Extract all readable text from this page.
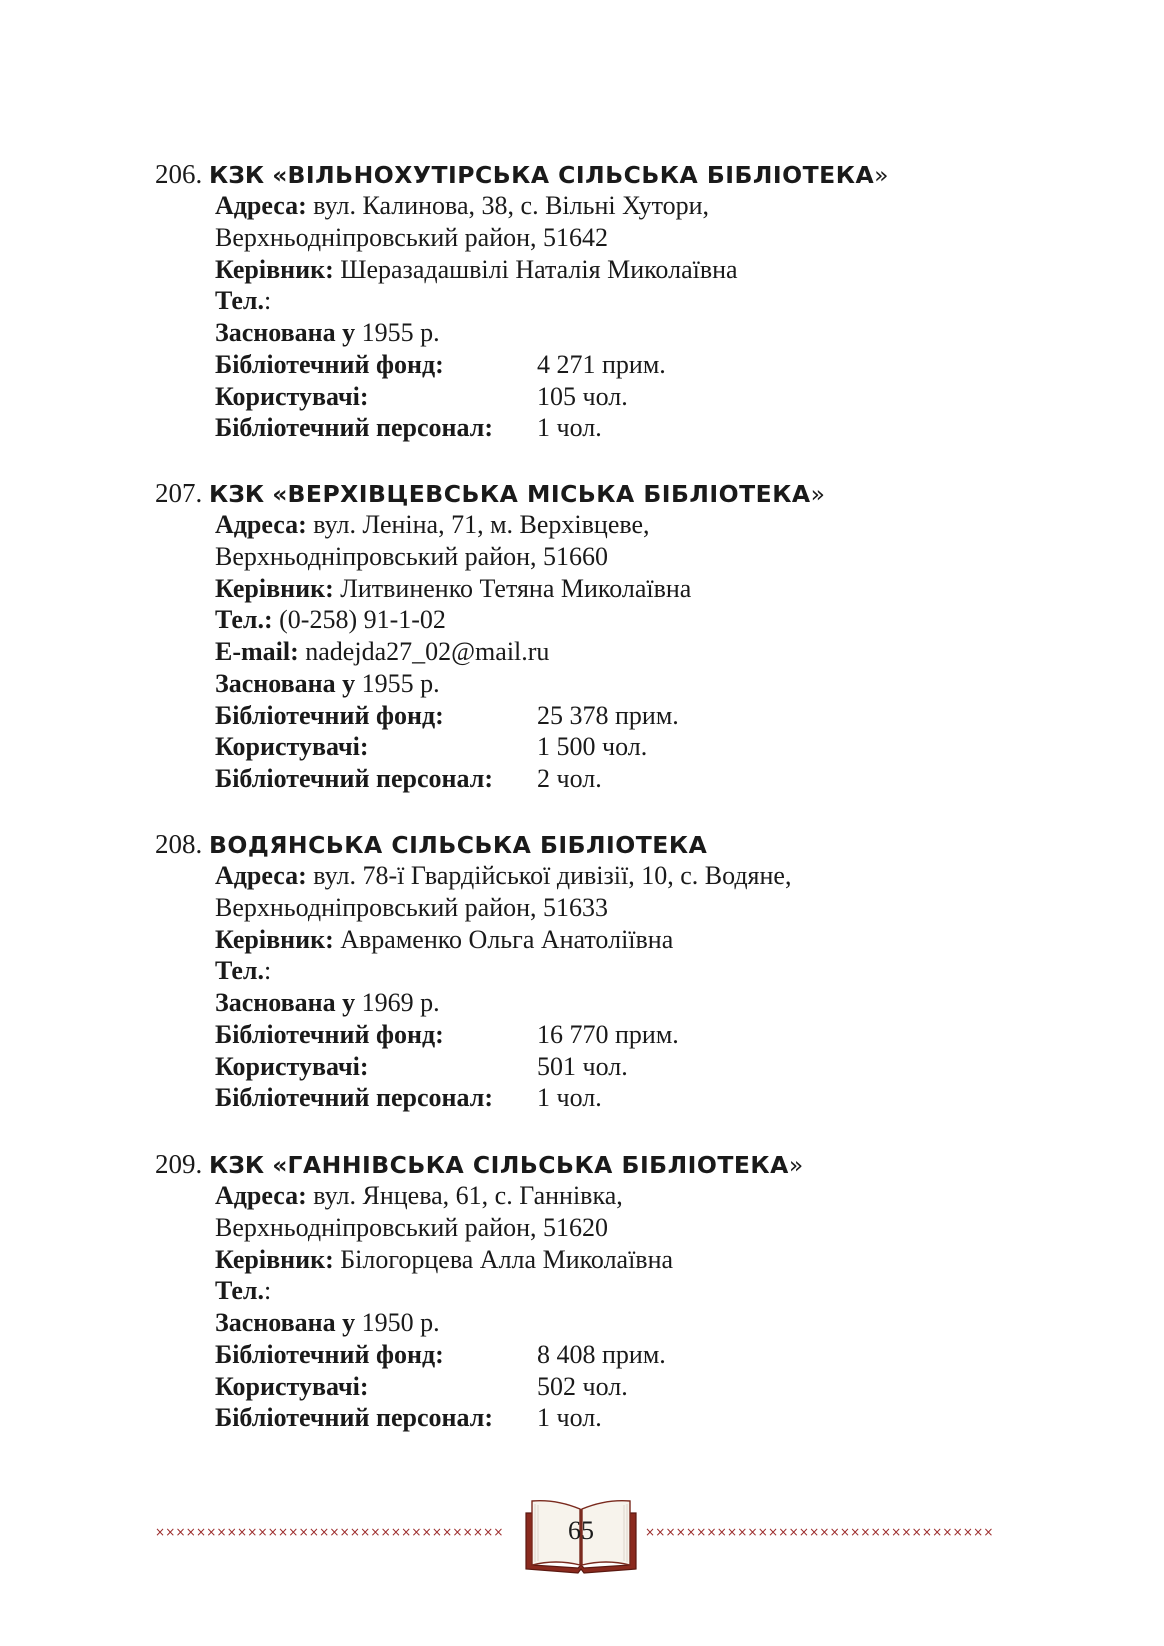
206. КЗК «ВІЛЬНОХУТІРСЬКА СІЛЬСЬКА БІБЛІОТЕКА»
Адреса: вул. Калинова, 38, с. Вільні Хутори,
Верхньодніпровський район, 51642
Керівник: Шеразадашвілі Наталія Миколаївна
Тел.:
Заснована у 1955 р.
Бібліотечний фонд:	4 271 прим.
Користувачі:	105 чол.
Бібліотечний персонал: 1 чол.
207. КЗК «ВЕРХІВЦЕВСЬКА МІСЬКА БІБЛІОТЕКА»
Адреса: вул. Леніна, 71, м. Верхівцеве,
Верхньодніпровський район, 51660
Керівник: Литвиненко Тетяна Миколаївна
Тел.: (0-258) 91-1-02
E-mail: nadejda27_02@mail.ru
Заснована у 1955 р.
Бібліотечний фонд:	25 378 прим.
Користувачі:	1 500 чол.
Бібліотечний персонал: 2 чол.
208. ВОДЯНСЬКА СІЛЬСЬКА БІБЛІОТЕКА
Адреса: вул. 78-ї Гвардійської дивізії, 10, с. Водяне,
Верхньодніпровський район, 51633
Керівник: Авраменко Ольга Анатоліївна
Тел.:
Заснована у 1969 р.
Бібліотечний фонд:	16 770 прим.
Користувачі:	501 чол.
Бібліотечний персонал: 1 чол.
209. КЗК «ГАННІВСЬКА СІЛЬСЬКА БІБЛІОТЕКА»
Адреса: вул. Янцева, 61, с. Ганнівка,
Верхньодніпровський район, 51620
Керівник: Білогорцева Алла Миколаївна
Тел.:
Заснована у 1950 р.
Бібліотечний фонд:	8 408 прим.
Користувачі:	502 чол.
Бібліотечний персонал: 1 чол.
××××××××××××××××××××××××××××××××××	××××××××××××××××××××××××××××××××××
65
